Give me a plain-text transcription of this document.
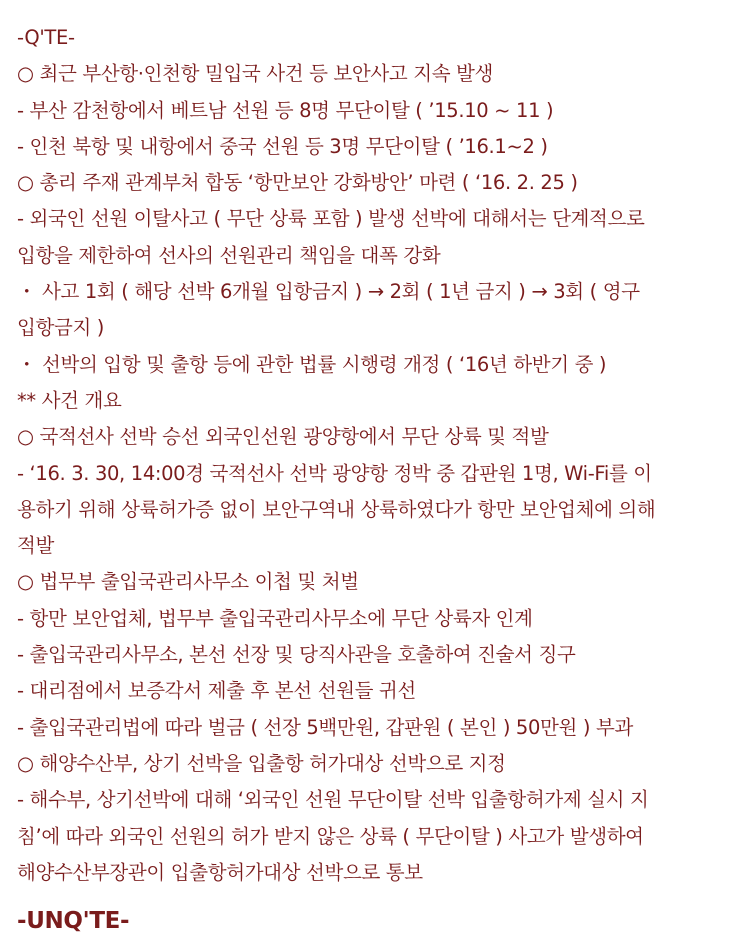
-Q'TE-
○ 최근 부산항·인천항 밀입국 사건 등 보안사고 지속 발생
- 부산 감천항에서 베트남 선원 등 8명 무단이탈 ( ’15.10 ~ 11 )
- 인천 북항 및 내항에서 중국 선원 등 3명 무단이탈 ( ’16.1~2 )
○ 총리 주재 관계부처 합동 ‘항만보안 강화방안’ 마련 ( ‘16. 2. 25 )
- 외국인 선원 이탈사고 ( 무단 상륙 포함 ) 발생 선박에 대해서는 단계적으로
입항을 제한하여 선사의 선원관리 책임을 대폭 강화
・ 사고 1회 ( 해당 선박 6개월 입항금지 ) → 2회 ( 1년 금지 ) → 3회 ( 영구
입항금지 )
・ 선박의 입항 및 출항 등에 관한 법률 시행령 개정 ( ‘16년 하반기 중 )
** 사건 개요
○ 국적선사 선박 승선 외국인선원 광양항에서 무단 상륙 및 적발
- ‘16. 3. 30, 14:00경 국적선사 선박 광양항 정박 중 갑판원 1명, Wi-Fi를 이
용하기 위해 상륙허가증 없이 보안구역내 상륙하였다가 항만 보안업체에 의해
적발
○ 법무부 출입국관리사무소 이첩 및 처벌
- 항만 보안업체, 법무부 출입국관리사무소에 무단 상륙자 인계
- 출입국관리사무소, 본선 선장 및 당직사관을 호출하여 진술서 징구
- 대리점에서 보증각서 제출 후 본선 선원들 귀선
- 출입국관리법에 따라 벌금 ( 선장 5백만원, 갑판원 ( 본인 ) 50만원 ) 부과
○ 해양수산부, 상기 선박을 입출항 허가대상 선박으로 지정
- 해수부, 상기선박에 대해 ‘외국인 선원 무단이탈 선박 입출항허가제 실시 지
침’에 따라 외국인 선원의 허가 받지 않은 상륙 ( 무단이탈 ) 사고가 발생하여
해양수산부장관이 입출항허가대상 선박으로 통보
-UNQ'TE-
